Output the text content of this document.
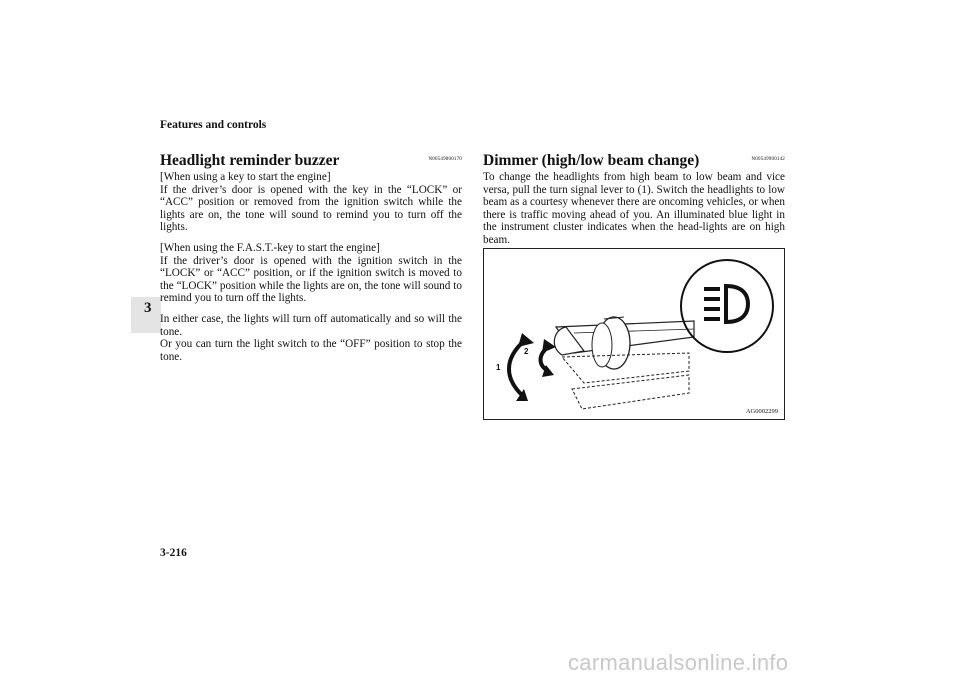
Features and controls
3
Headlight reminder buzzer	N00549800170
[When using a key to start the engine]
If the driver’s door is opened with the key in the “LOCK” or “ACC” position or removed from the ignition switch while the lights are on, the tone will sound to remind you to turn off the lights.
[When using the F.A.S.T.-key to start the engine]
If the driver’s door is opened with the ignition switch in the “LOCK” or “ACC” position, or if the ignition switch is moved to the “LOCK” position while the lights are on, the tone will sound to remind you to turn off the lights.
In either case, the lights will turn off automatically and so will the tone.
Or you can turn the light switch to the “OFF” position to stop the tone.
Dimmer (high/low beam change)	N00549900142
To change the headlights from high beam to low beam and vice versa, pull the turn signal lever to (1). Switch the headlights to low beam as a courtesy whenever there are oncoming vehicles, or when there is traffic moving ahead of you. An illuminated blue light in the instrument cluster indicates when the head-lights are on high beam.
1
2
AG0002299
3-216
carmanualsonline.info
